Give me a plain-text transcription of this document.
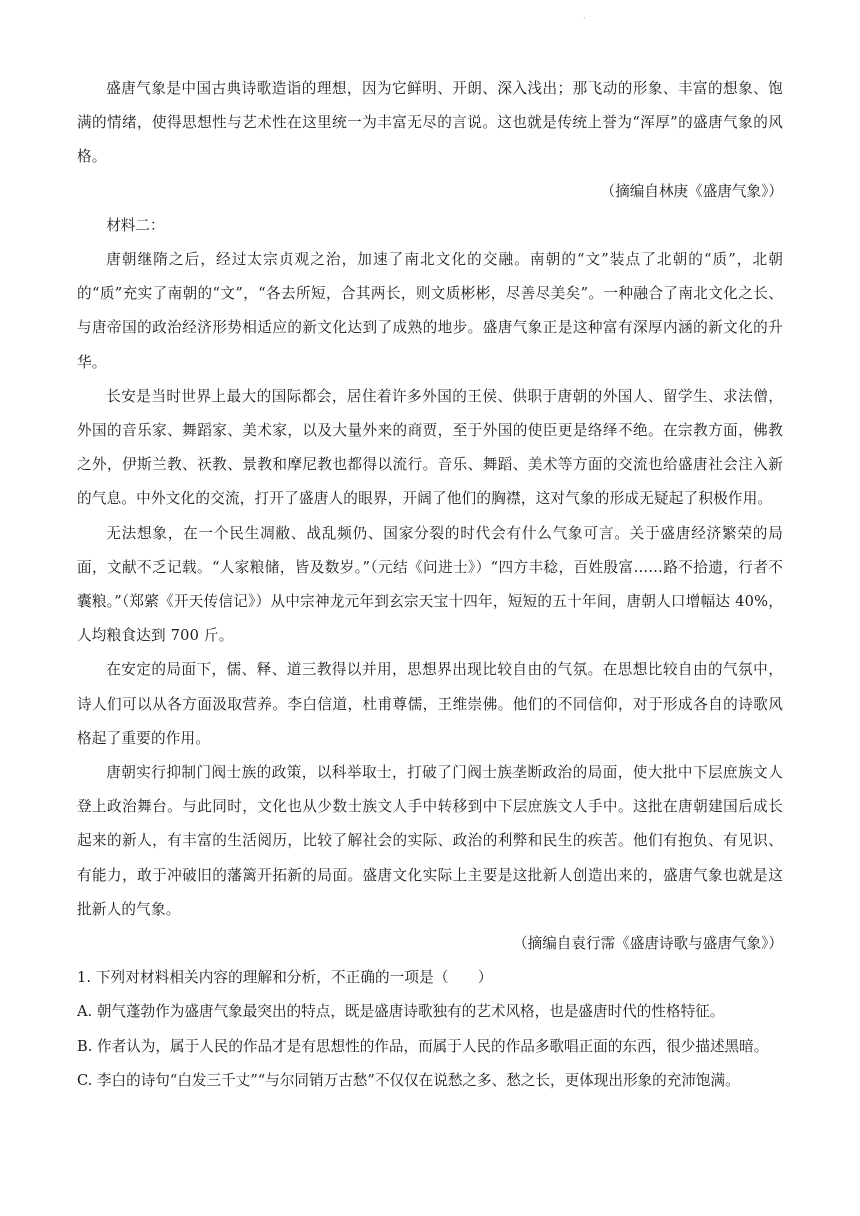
·

盛唐气象是中国古典诗歌造诣的理想，因为它鲜明、开朗、深入浅出；那飞动的形象、丰富的想象、饱满的情绪，使得思想性与艺术性在这里统一为丰富无尽的言说。这也就是传统上誉为“浑厚”的盛唐气象的风格。

（摘编自林庚《盛唐气象》）

材料二：

唐朝继隋之后，经过太宗贞观之治，加速了南北文化的交融。南朝的“文”装点了北朝的“质”，北朝的“质”充实了南朝的“文”，“各去所短，合其两长，则文质彬彬，尽善尽美矣”。一种融合了南北文化之长、与唐帝国的政治经济形势相适应的新文化达到了成熟的地步。盛唐气象正是这种富有深厚内涵的新文化的升华。

长安是当时世界上最大的国际都会，居住着许多外国的王侯、供职于唐朝的外国人、留学生、求法僧，外国的音乐家、舞蹈家、美术家，以及大量外来的商贾，至于外国的使臣更是络绎不绝。在宗教方面，佛教之外，伊斯兰教、祆教、景教和摩尼教也都得以流行。音乐、舞蹈、美术等方面的交流也给盛唐社会注入新的气息。中外文化的交流，打开了盛唐人的眼界，开阔了他们的胸襟，这对气象的形成无疑起了积极作用。

无法想象，在一个民生凋敝、战乱频仍、国家分裂的时代会有什么气象可言。关于盛唐经济繁荣的局面，文献不乏记载。“人家粮储，皆及数岁。”（元结《问进士》）“四方丰稔，百姓殷富……路不拾遗，行者不囊粮。”（郑綮《开天传信记》）从中宗神龙元年到玄宗天宝十四年，短短的五十年间，唐朝人口增幅达 40%，人均粮食达到 700 斤。

在安定的局面下，儒、释、道三教得以并用，思想界出现比较自由的气氛。在思想比较自由的气氛中，诗人们可以从各方面汲取营养。李白信道，杜甫尊儒，王维崇佛。他们的不同信仰，对于形成各自的诗歌风格起了重要的作用。

唐朝实行抑制门阀士族的政策，以科举取士，打破了门阀士族垄断政治的局面，使大批中下层庶族文人登上政治舞台。与此同时，文化也从少数士族文人手中转移到中下层庶族文人手中。这批在唐朝建国后成长起来的新人，有丰富的生活阅历，比较了解社会的实际、政治的利弊和民生的疾苦。他们有抱负、有见识、有能力，敢于冲破旧的藩篱开拓新的局面。盛唐文化实际上主要是这批新人创造出来的，盛唐气象也就是这批新人的气象。

（摘编自袁行霈《盛唐诗歌与盛唐气象》）

1. 下列对材料相关内容的理解和分析，不正确的一项是（　　）

A. 朝气蓬勃作为盛唐气象最突出的特点，既是盛唐诗歌独有的艺术风格，也是盛唐时代的性格特征。

B. 作者认为，属于人民的作品才是有思想性的作品，而属于人民的作品多歌唱正面的东西，很少描述黑暗。

C. 李白的诗句“白发三千丈”“与尔同销万古愁”不仅仅在说愁之多、愁之长，更体现出形象的充沛饱满。
